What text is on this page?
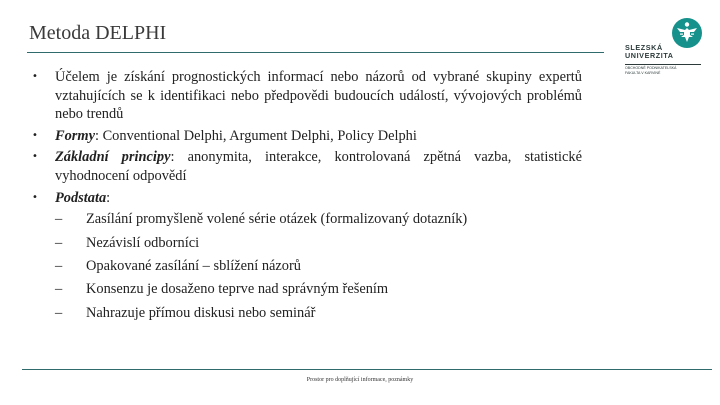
Metoda DELPHI
SLEZSKÁ
UNIVERZITA
OBCHODNĚ PODNIKATELSKÁ
FAKULTA V KARVINÉ
• Účelem je získání prognostických informací nebo názorů od vybrané skupiny expertů vztahujících se k identifikaci nebo předpovědi budoucích událostí, vývojových problémů nebo trendů
• Formy: Conventional Delphi, Argument Delphi, Policy Delphi
• Základní principy: anonymita, interakce, kontrolovaná zpětná vazba, statistické vyhodnocení odpovědí
• Podstata:
– Zasílání promyšleně volené série otázek (formalizovaný dotazník)
– Nezávislí odborníci
– Opakované zasílání – sblížení názorů
– Konsenzu je dosaženo teprve nad správným řešením
– Nahrazuje přímou diskusi nebo seminář
Prostor pro doplňující informace, poznámky
